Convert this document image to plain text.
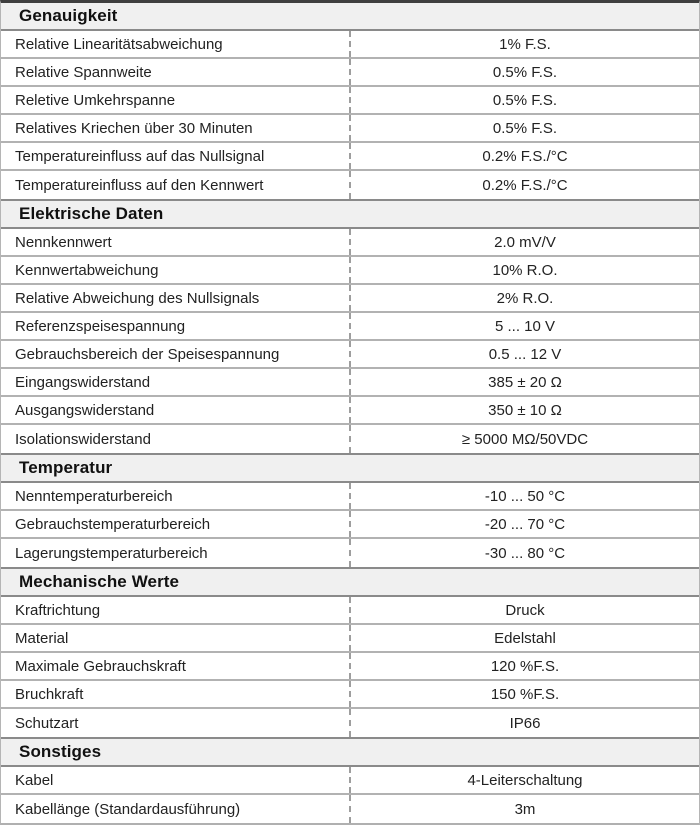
Genauigkeit
Relative Linearitätsabweichung	1% F.S.
Relative Spannweite	0.5% F.S.
Reletive Umkehrspanne	0.5% F.S.
Relatives Kriechen über 30 Minuten	0.5% F.S.
Temperatureinfluss auf das Nullsignal	0.2% F.S./°C
Temperatureinfluss auf den Kennwert	0.2% F.S./°C
Elektrische Daten
Nennkennwert	2.0 mV/V
Kennwertabweichung	10% R.O.
Relative Abweichung des Nullsignals	2% R.O.
Referenzspeisespannung	5 ... 10 V
Gebrauchsbereich der Speisespannung	0.5 ... 12 V
Eingangswiderstand	385 ± 20 Ω
Ausgangswiderstand	350 ± 10 Ω
Isolationswiderstand	≥ 5000 MΩ/50VDC
Temperatur
Nenntemperaturbereich	-10 ... 50 °C
Gebrauchstemperaturbereich	-20 ... 70 °C
Lagerungstemperaturbereich	-30 ... 80 °C
Mechanische Werte
Kraftrichtung	Druck
Material	Edelstahl
Maximale Gebrauchskraft	120 %F.S.
Bruchkraft	150 %F.S.
Schutzart	IP66
Sonstiges
Kabel	4-Leiterschaltung
Kabellänge (Standardausführung)	3m
